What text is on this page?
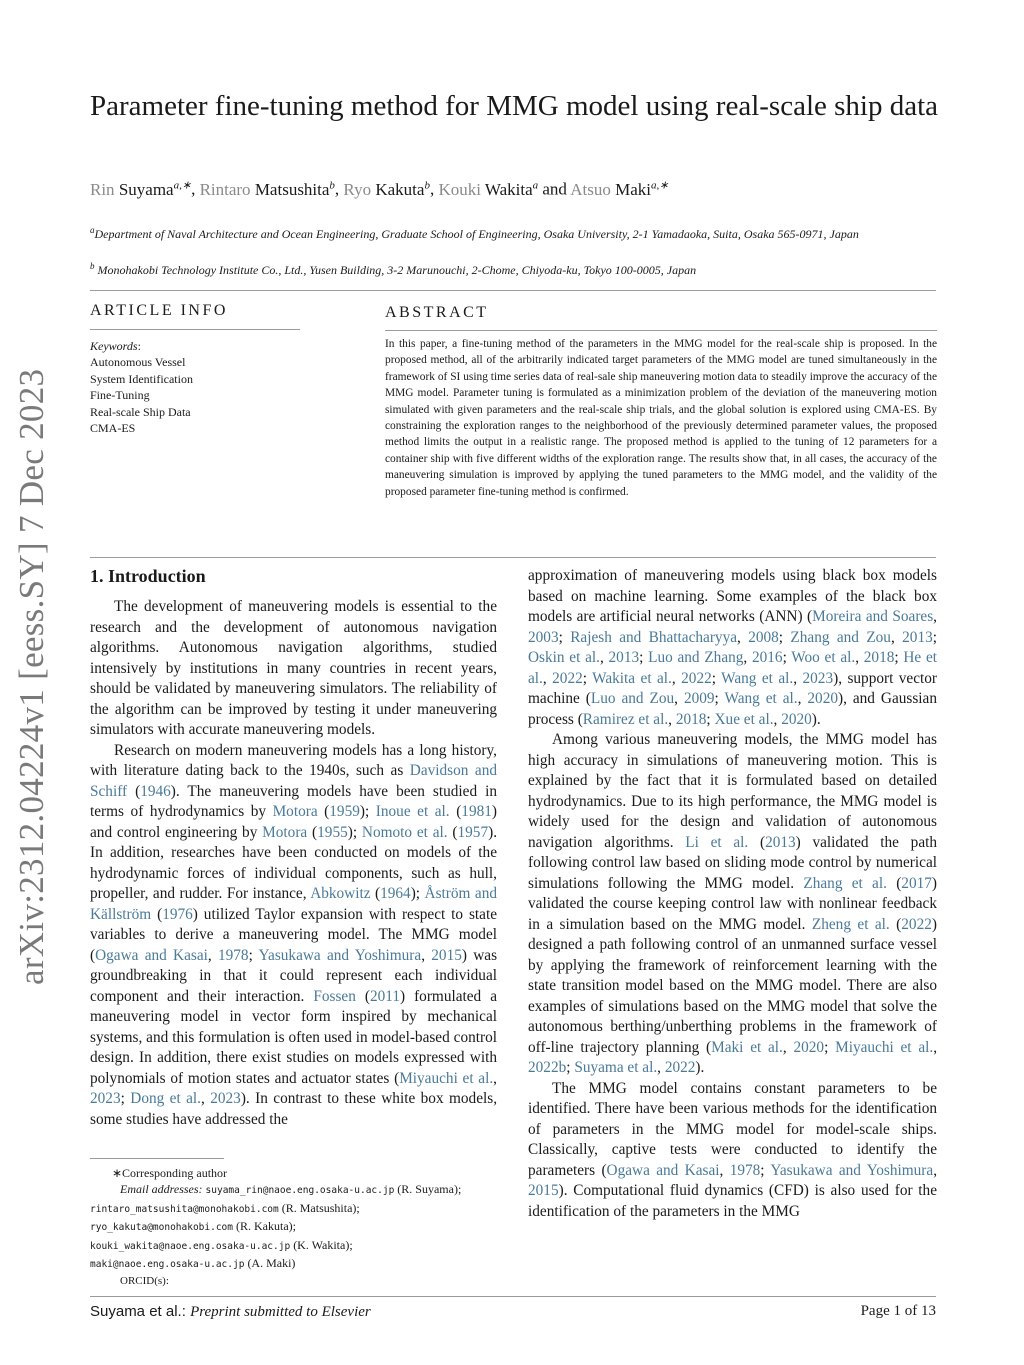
arXiv:2312.04224v1 [eess.SY] 7 Dec 2023
Parameter fine-tuning method for MMG model using real-scale ship data
Rin Suyama$^{a,∗}$, Rintaro Matsushita$^b$, Ryo Kakuta$^b$, Kouki Wakita$^a$ and Atsuo Maki$^{a,∗}$
$^a$Department of Naval Architecture and Ocean Engineering, Graduate School of Engineering, Osaka University, 2-1 Yamadaoka, Suita, Osaka 565-0971, Japan
$^b$ Monohakobi Technology Institute Co., Ltd., Yusen Building, 3-2 Marunouchi, 2-Chome, Chiyoda-ku, Tokyo 100-0005, Japan
ARTICLE INFO
Keywords:
Autonomous Vessel
System Identification
Fine-Tuning
Real-scale Ship Data
CMA-ES
ABSTRACT
In this paper, a fine-tuning method of the parameters in the MMG model for the real-scale ship is proposed. In the proposed method, all of the arbitrarily indicated target parameters of the MMG model are tuned simultaneously in the framework of SI using time series data of real-sale ship maneuvering motion data to steadily improve the accuracy of the MMG model. Parameter tuning is formulated as a minimization problem of the deviation of the maneuvering motion simulated with given parameters and the real-scale ship trials, and the global solution is explored using CMA-ES. By constraining the exploration ranges to the neighborhood of the previously determined parameter values, the proposed method limits the output in a realistic range. The proposed method is applied to the tuning of 12 parameters for a container ship with five different widths of the exploration range. The results show that, in all cases, the accuracy of the maneuvering simulation is improved by applying the tuned parameters to the MMG model, and the validity of the proposed parameter fine-tuning method is confirmed.
1. Introduction

The development of maneuvering models is essential to the research and the development of autonomous navigation algorithms. Autonomous navigation algorithms, studied intensively by institutions in many countries in recent years, should be validated by maneuvering simulators. The reliability of the algorithm can be improved by testing it under maneuvering simulators with accurate maneuvering models.

Research on modern maneuvering models has a long history, with literature dating back to the 1940s, such as Davidson and Schiff (1946). The maneuvering models have been studied in terms of hydrodynamics by Motora (1959); Inoue et al. (1981) and control engineering by Motora (1955); Nomoto et al. (1957). In addition, researches have been conducted on models of the hydrodynamic forces of individual components, such as hull, propeller, and rudder. For instance, Abkowitz (1964); Åström and Källström (1976) utilized Taylor expansion with respect to state variables to derive a maneuvering model. The MMG model (Ogawa and Kasai, 1978; Yasukawa and Yoshimura, 2015) was groundbreaking in that it could represent each individual component and their interaction. Fossen (2011) formulated a maneuvering model in vector form inspired by mechanical systems, and this formulation is often used in model-based control design. In addition, there exist studies on models expressed with polynomials of motion states and actuator states (Miyauchi et al., 2023; Dong et al., 2023). In contrast to these white box models, some studies have addressed the

approximation of maneuvering models using black box models based on machine learning. Some examples of the black box models are artificial neural networks (ANN) (Moreira and Soares, 2003; Rajesh and Bhattacharyya, 2008; Zhang and Zou, 2013; Oskin et al., 2013; Luo and Zhang, 2016; Woo et al., 2018; He et al., 2022; Wakita et al., 2022; Wang et al., 2023), support vector machine (Luo and Zou, 2009; Wang et al., 2020), and Gaussian process (Ramirez et al., 2018; Xue et al., 2020).

Among various maneuvering models, the MMG model has high accuracy in simulations of maneuvering motion. This is explained by the fact that it is formulated based on detailed hydrodynamics. Due to its high performance, the MMG model is widely used for the design and validation of autonomous navigation algorithms. Li et al. (2013) validated the path following control law based on sliding mode control by numerical simulations following the MMG model. Zhang et al. (2017) validated the course keeping control law with nonlinear feedback in a simulation based on the MMG model. Zheng et al. (2022) designed a path following control of an unmanned surface vessel by applying the framework of reinforcement learning with the state transition model based on the MMG model. There are also examples of simulations based on the MMG model that solve the autonomous berthing/unberthing problems in the framework of off-line trajectory planning (Maki et al., 2020; Miyauchi et al., 2022b; Suyama et al., 2022).

The MMG model contains constant parameters to be identified. There have been various methods for the identification of parameters in the MMG model for model-scale ships. Classically, captive tests were conducted to identify the parameters (Ogawa and Kasai, 1978; Yasukawa and Yoshimura, 2015). Computational fluid dynamics (CFD) is also used for the identification of the parameters in the MMG

∗Corresponding author
Email addresses: suyama_rin@naoe.eng.osaka-u.ac.jp (R. Suyama);
rintaro_matsushita@monohakobi.com (R. Matsushita);
ryo_kakuta@monohakobi.com (R. Kakuta);
kouki_wakita@naoe.eng.osaka-u.ac.jp (K. Wakita);
maki@naoe.eng.osaka-u.ac.jp (A. Maki)
ORCID(s):
Suyama et al.: Preprint submitted to Elsevier	Page 1 of 13
